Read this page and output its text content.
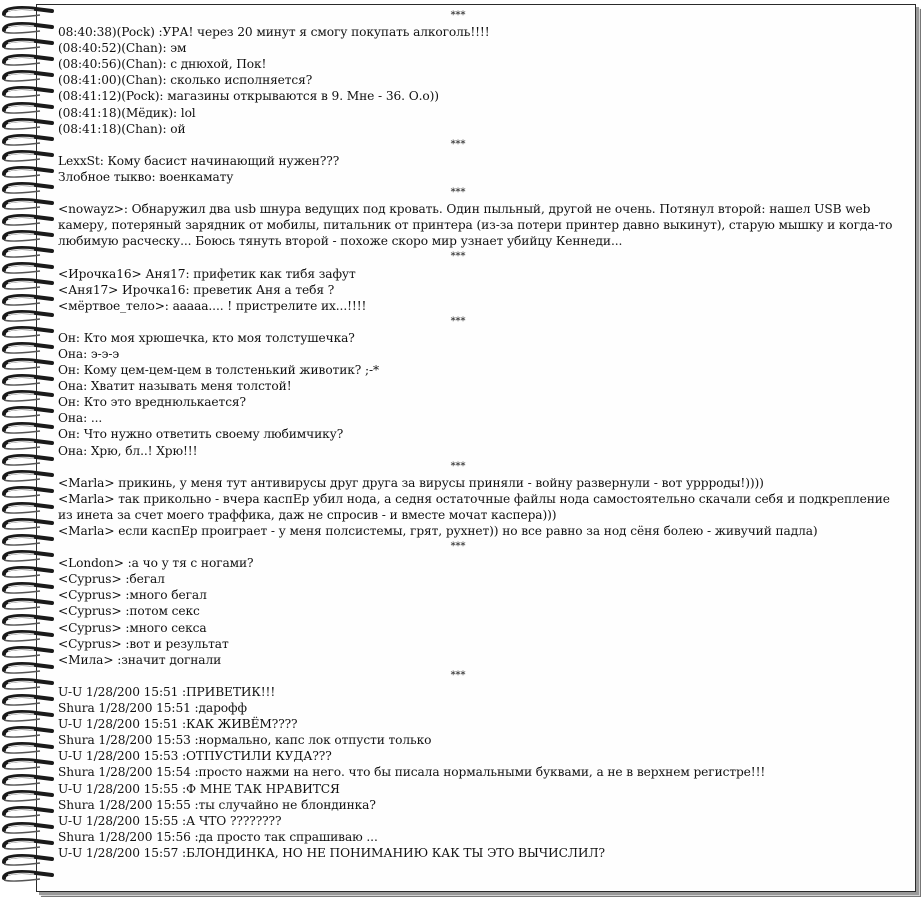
***
08:40:38)(Pock) :УРА! через 20 минут я смогу покупать алкоголь!!!!
(08:40:52)(Chan): эм
(08:40:56)(Chan): с днюхой, Пок!
(08:41:00)(Chan): сколько исполняется?
(08:41:12)(Pock): магазины открываются в 9. Мне - 36. О.о))
(08:41:18)(Мёдик): lol
(08:41:18)(Chan): ой
***
LexxSt: Кому басист начинающий нужен???
Злобное тыкво: военкамату
***
<nowayz>: Обнаружил два usb шнура ведущих под кровать. Один пыльный, другой не очень. Потянул второй: нашел USB web камеру, потеряный зарядник от мобилы, питальник от принтера (из-за потери принтер давно выкинут), старую мышку и когда-то любимую расческу... Боюсь тянуть второй - похоже скоро мир узнает убийцу Кеннеди...
***
<Ирочка16> Аня17: прифетик как тибя зафут
<Аня17> Ирочка16: преветик Аня а тебя ?
<мёртвое_тело>: ааааа.... ! пристрелите их...!!!!
***
Он: Кто моя хрюшечка, кто моя толстушечка?
Она: э-э-э
Он: Кому цем-цем-цем в толстенький животик? ;-*
Она: Хватит называть меня толстой!
Он: Кто это вреднюлькается?
Она: ...
Он: Что нужно ответить своему любимчику?
Она: Хрю, бл..! Хрю!!!
***
<Marla> прикинь, у меня тут антивирусы друг друга за вирусы приняли - войну развернули - вот уррроды!))))
<Marla> так прикольно - вчера каспЕр убил нода, а седня остаточные файлы нода самостоятельно скачали себя и подкрепление из инета за счет моего траффика, даж не спросив - и вместе мочат каспера)))
<Marla> если каспЕр проиграет - у меня полсистемы, грят, рухнет)) но все равно за нод сёня болею - живучий падла)
***
<London> :а чо у тя с ногами?
<Cyprus> :бегал
<Cyprus> :много бегал
<Cyprus> :потом секс
<Cyprus> :много секса
<Cyprus> :вот и результат
<Мила> :значит догнали
***
U-U 1/28/200 15:51 :ПРИВЕТИК!!!
Shura 1/28/200 15:51 :дарофф
U-U 1/28/200 15:51 :КАК ЖИВЁМ????
Shura 1/28/200 15:53 :нормально, капс лок отпусти только
U-U 1/28/200 15:53 :ОТПУСТИЛИ КУДА???
Shura 1/28/200 15:54 :просто нажми на него. что бы писала нормальными буквами, а не в верхнем регистре!!!
U-U 1/28/200 15:55 :Ф МНЕ ТАК НРАВИТСЯ
Shura 1/28/200 15:55 :ты случайно не блондинка?
U-U 1/28/200 15:55 :А ЧТО ????????
Shura 1/28/200 15:56 :да просто так спрашиваю ...
U-U 1/28/200 15:57 :БЛОНДИНКА, НО НЕ ПОНИМАНИЮ КАК ТЫ ЭТО ВЫЧИСЛИЛ?
